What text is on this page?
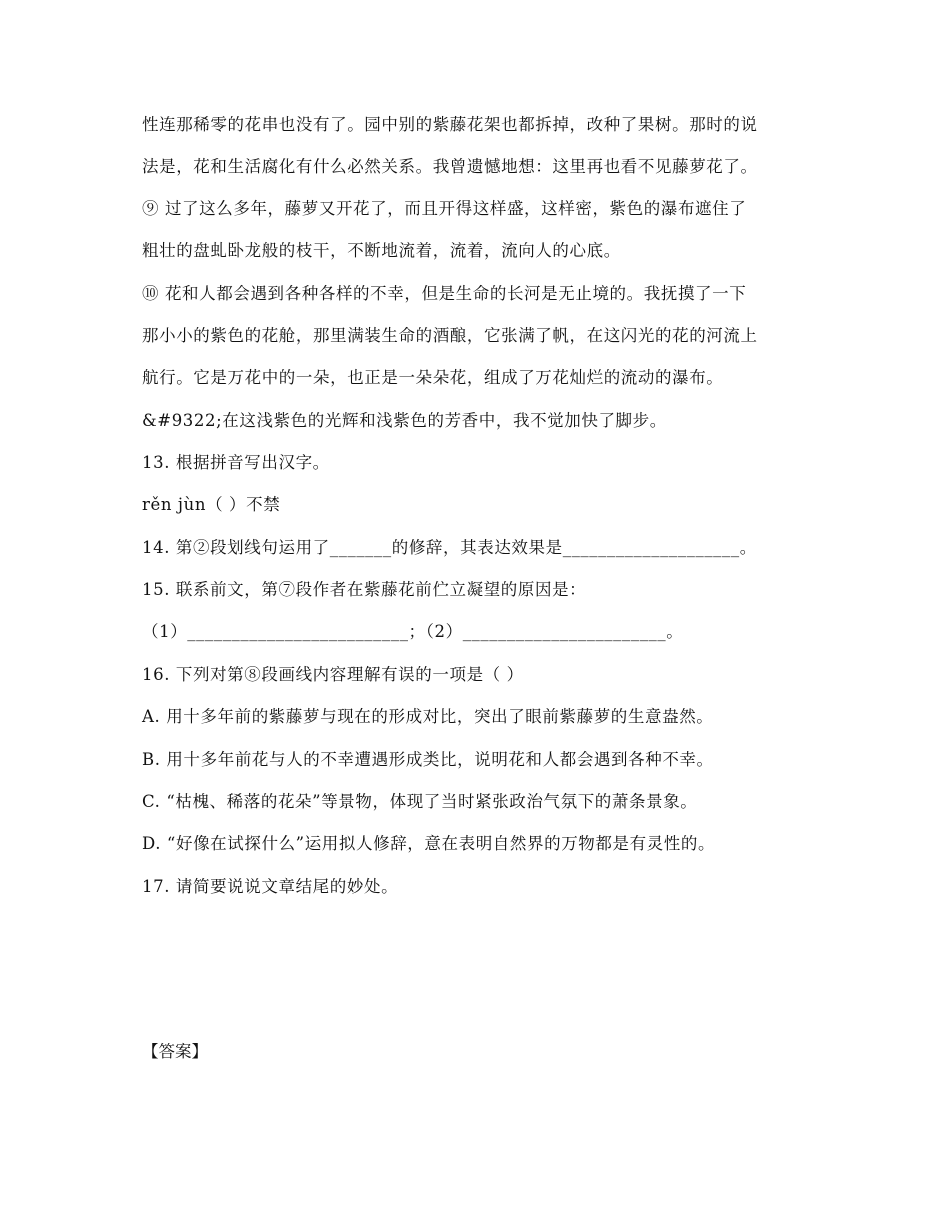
性连那稀零的花串也没有了。园中别的紫藤花架也都拆掉，改种了果树。那时的说
法是，花和生活腐化有什么必然关系。我曾遗憾地想：这里再也看不见藤萝花了。
⑨ 过了这么多年，藤萝又开花了，而且开得这样盛，这样密，紫色的瀑布遮住了
粗壮的盘虬卧龙般的枝干，不断地流着，流着，流向人的心底。
⑩ 花和人都会遇到各种各样的不幸，但是生命的长河是无止境的。我抚摸了一下
那小小的紫色的花舱，那里满装生命的酒酿，它张满了帆，在这闪光的花的河流上
航行。它是万花中的一朵，也正是一朵朵花，组成了万花灿烂的流动的瀑布。
&#9322;在这浅紫色的光辉和浅紫色的芳香中，我不觉加快了脚步。
13. 根据拼音写出汉字。
rěn jùn（ ）不禁
14. 第②段划线句运用了_______的修辞，其表达效果是____________________。
15. 联系前文，第⑦段作者在紫藤花前伫立凝望的原因是：
（1）_________________________；（2）_______________________。
16. 下列对第⑧段画线内容理解有误的一项是（ ）
A. 用十多年前的紫藤萝与现在的形成对比，突出了眼前紫藤萝的生意盎然。
B. 用十多年前花与人的不幸遭遇形成类比，说明花和人都会遇到各种不幸。
C. “枯槐、稀落的花朵”等景物，体现了当时紧张政治气氛下的萧条景象。
D. “好像在试探什么”运用拟人修辞，意在表明自然界的万物都是有灵性的。
17. 请简要说说文章结尾的妙处。
【答案】
